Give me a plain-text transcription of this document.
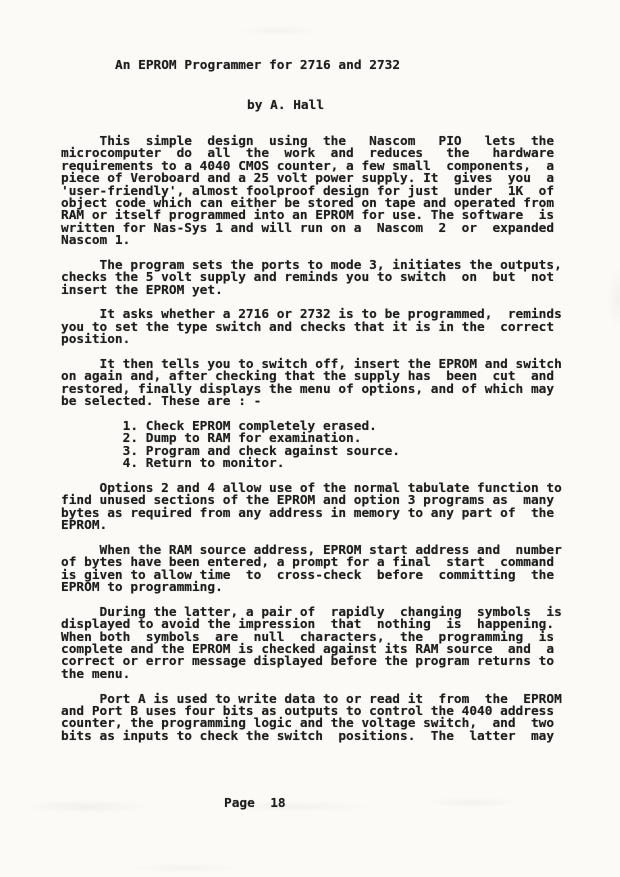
An EPROM Programmer for 2716 and 2732
by A. Hall
This  simple  design  using  the   Nascom   PIO   lets  the
microcomputer  do  all  the  work  and  reduces   the   hardware
requirements to a 4040 CMOS counter, a few small  components,  a
piece of Veroboard and a 25 volt power supply. It  gives  you  a
'user-friendly', almost foolproof design for just  under  1K  of
object code which can either be stored on tape and operated from
RAM or itself programmed into an EPROM for use. The software  is
written for Nas-Sys 1 and will run on a  Nascom  2  or  expanded
Nascom 1.
The program sets the ports to mode 3, initiates the outputs,
checks the 5 volt supply and reminds you to switch  on  but  not
insert the EPROM yet.
It asks whether a 2716 or 2732 is to be programmed,  reminds
you to set the type switch and checks that it is in the  correct
position.
It then tells you to switch off, insert the EPROM and switch
on again and, after checking that the supply has  been  cut  and
restored, finally displays the menu of options, and of which may
be selected. These are : -
1. Check EPROM completely erased.
2. Dump to RAM for examination.
3. Program and check against source.
4. Return to monitor.
Options 2 and 4 allow use of the normal tabulate function to
find unused sections of the EPROM and option 3 programs as  many
bytes as required from any address in memory to any part of  the
EPROM.
When the RAM source address, EPROM start address and  number
of bytes have been entered, a prompt for a final  start  command
is given to allow time  to  cross-check  before  committing  the
EPROM to programming.
During the latter, a pair of  rapidly  changing  symbols  is
displayed to avoid the impression  that  nothing  is  happening.
When both  symbols  are  null  characters,  the  programming  is
complete and the EPROM is checked against its RAM source  and  a
correct or error message displayed before the program returns to
the menu.
Port A is used to write data to or read it  from  the  EPROM
and Port B uses four bits as outputs to control the 4040 address
counter, the programming logic and the voltage switch,  and  two
bits as inputs to check the switch  positions.  The  latter  may
Page  18
